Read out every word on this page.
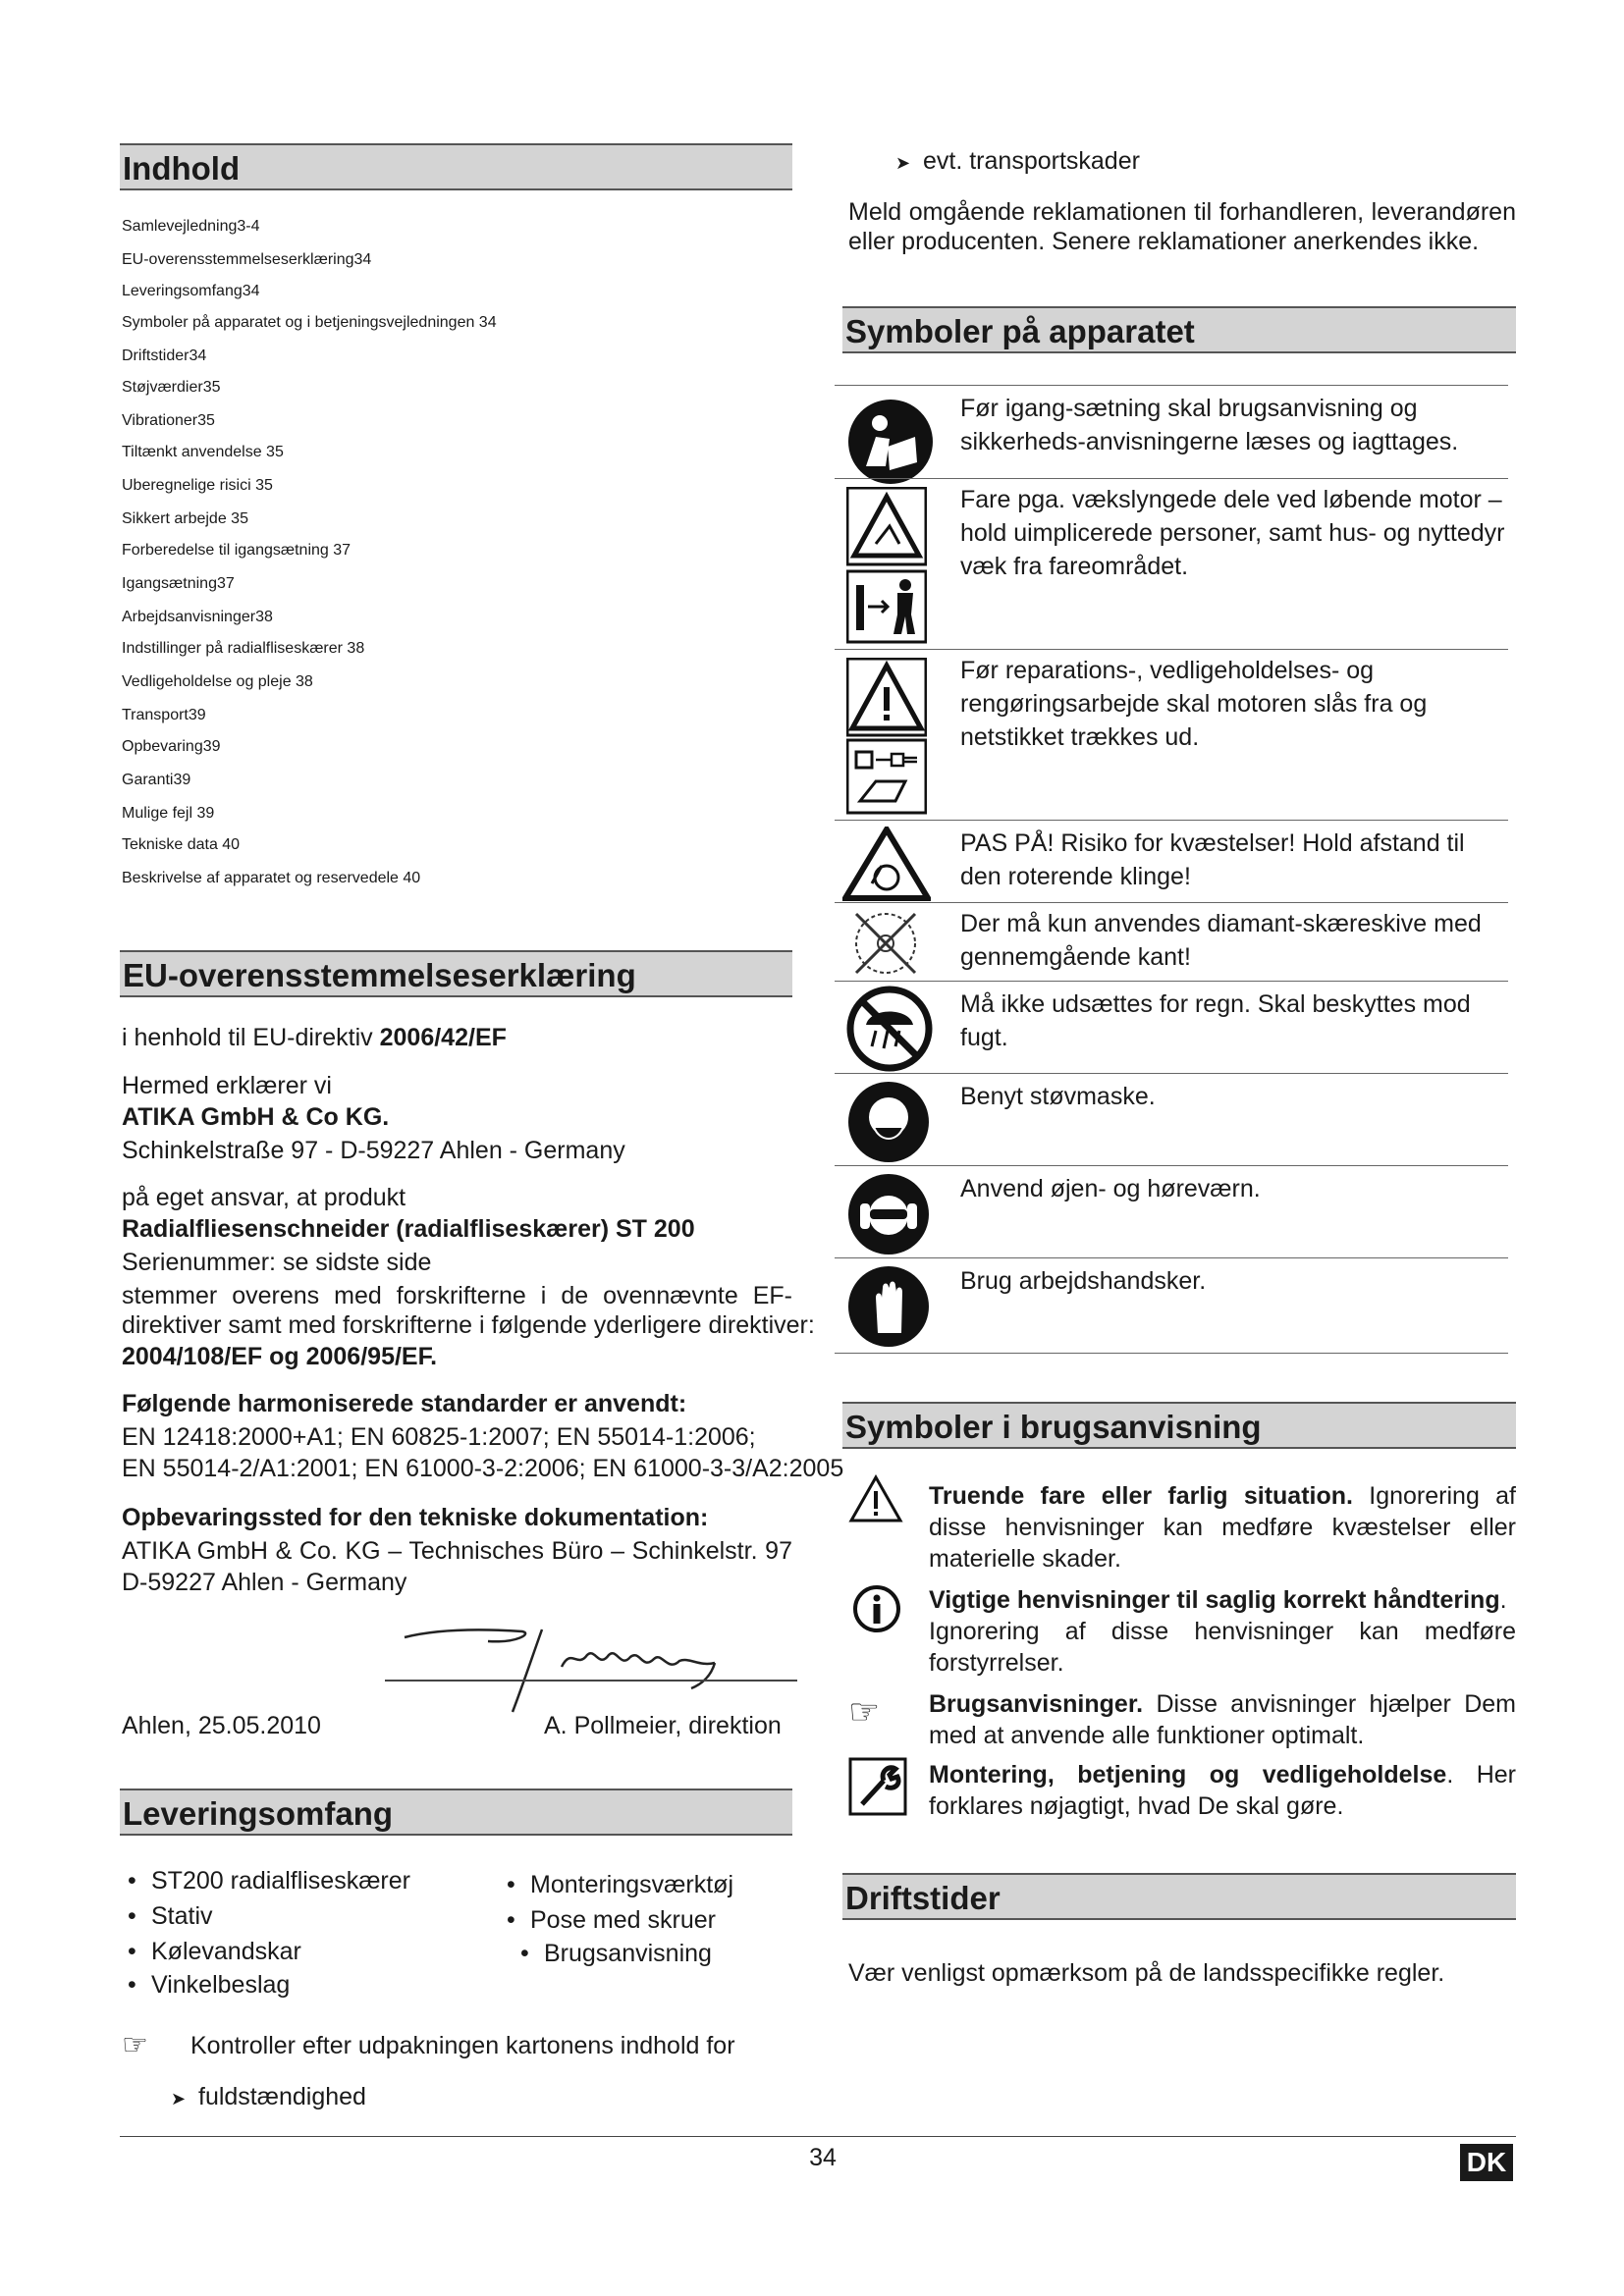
Indhold
Samlevejledning3-4
EU-overensstemmelseserklæring34
Leveringsomfang34
Symboler på apparatet og i betjeningsvejledningen 34
Driftstider34
Støjværdier35
Vibrationer35
Tiltænkt anvendelse 35
Uberegnelige risici 35
Sikkert arbejde 35
Forberedelse til igangsætning 37
Igangsætning37
Arbejdsanvisninger38
Indstillinger på radialfliseskærer 38
Vedligeholdelse og pleje 38
Transport39
Opbevaring39
Garanti39
Mulige fejl 39
Tekniske data 40
Beskrivelse af apparatet og reservedele 40
EU-overensstemmelseserklæring
i henhold til EU-direktiv 2006/42/EF
Hermed erklærer vi
ATIKA GmbH & Co KG.
Schinkelstraße 97 - D-59227 Ahlen - Germany
på eget ansvar, at produkt
Radialfliesenschneider (radialfliseskærer) ST 200
Serienummer: se sidste side
stemmer overens med forskrifterne i de ovennævnte EF-
direktiver samt med forskrifterne i følgende yderligere direktiver:
2004/108/EF og 2006/95/EF.
Følgende harmoniserede standarder er anvendt:
EN 12418:2000+A1; EN 60825-1:2007; EN 55014-1:2006;
EN 55014-2/A1:2001; EN 61000-3-2:2006; EN 61000-3-3/A2:2005
Opbevaringssted for den tekniske dokumentation:
ATIKA GmbH & Co. KG – Technisches Büro – Schinkelstr. 97
D-59227 Ahlen - Germany
Ahlen, 25.05.2010	A. Pollmeier, direktion
Leveringsomfang
• ST200 radialfliseskærer
• Stativ
• Kølevandskar
• Vinkelbeslag
• Monteringsværktøj
• Pose med skruer
• Brugsanvisning
☞ Kontroller efter udpakningen kartonens indhold for
➤ fuldstændighed
➤ evt. transportskader
Meld omgående reklamationen til forhandleren, leverandøren
eller producenten. Senere reklamationer anerkendes ikke.
Symboler på apparatet
Før igang-sætning skal brugsanvisning og
sikkerheds-anvisningerne læses og iagttages.
Fare pga. vækslyngede dele ved løbende motor –
hold uimplicerede personer, samt hus- og nyttedyr
væk fra fareområdet.
Før reparations-, vedligeholdelses- og
rengøringsarbejde skal motoren slås fra og
netstikket trækkes ud.
PAS PÅ! Risiko for kvæstelser! Hold afstand til
den roterende klinge!
Der må kun anvendes diamant-skæreskive med
gennemgående kant!
Må ikke udsættes for regn. Skal beskyttes mod
fugt.
Benyt støvmaske.
Anvend øjen- og høreværn.
Brug arbejdshandsker.
Symboler i brugsanvisning
Truende fare eller farlig situation. Ignorering af
disse henvisninger kan medføre kvæstelser eller
materielle skader.
Vigtige henvisninger til saglig korrekt håndtering.
Ignorering af disse henvisninger kan medføre
forstyrrelser.
☞ Brugsanvisninger. Disse anvisninger hjælper Dem
med at anvende alle funktioner optimalt.
Montering, betjening og vedligeholdelse. Her
forklares nøjagtigt, hvad De skal gøre.
Driftstider
Vær venligst opmærksom på de landsspecifikke regler.
34	DK
